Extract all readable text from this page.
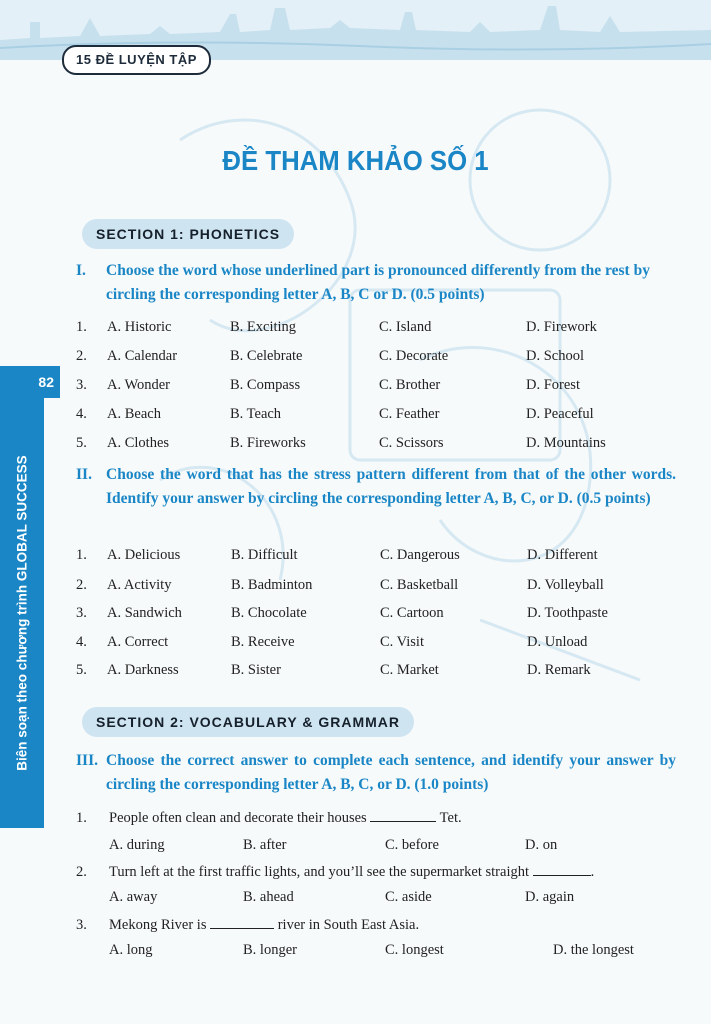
15 ĐỀ LUYỆN TẬP
82
Biên soạn theo chương trình GLOBAL SUCCESS
ĐỀ THAM KHẢO SỐ 1
SECTION 1: PHONETICS
I. Choose the word whose underlined part is pronounced differently from the rest by circling the corresponding letter A, B, C or D. (0.5 points)
1. A. Historic	B. Exciting	C. Island	D. Firework
2. A. Calendar	B. Celebrate	C. Decorate	D. School
3. A. Wonder	B. Compass	C. Brother	D. Forest
4. A. Beach	B. Teach	C. Feather	D. Peaceful
5. A. Clothes	B. Fireworks	C. Scissors	D. Mountains
II. Choose the word that has the stress pattern different from that of the other words. Identify your answer by circling the corresponding letter A, B, C, or D. (0.5 points)
1. A. Delicious	B. Difficult	C. Dangerous	D. Different
2. A. Activity	B. Badminton	C. Basketball	D. Volleyball
3. A. Sandwich	B. Chocolate	C. Cartoon	D. Toothpaste
4. A. Correct	B. Receive	C. Visit	D. Unload
5. A. Darkness	B. Sister	C. Market	D. Remark
SECTION 2: VOCABULARY & GRAMMAR
III. Choose the correct answer to complete each sentence, and identify your answer by circling the corresponding letter A, B, C, or D. (1.0 points)
1. People often clean and decorate their houses	Tet.
A. during	B. after	C. before	D. on
2. Turn left at the first traffic lights, and you’ll see the supermarket straight	.
A. away	B. ahead	C. aside	D. again
3. Mekong River is	river in South East Asia.
A. long	B. longer	C. longest	D. the longest
